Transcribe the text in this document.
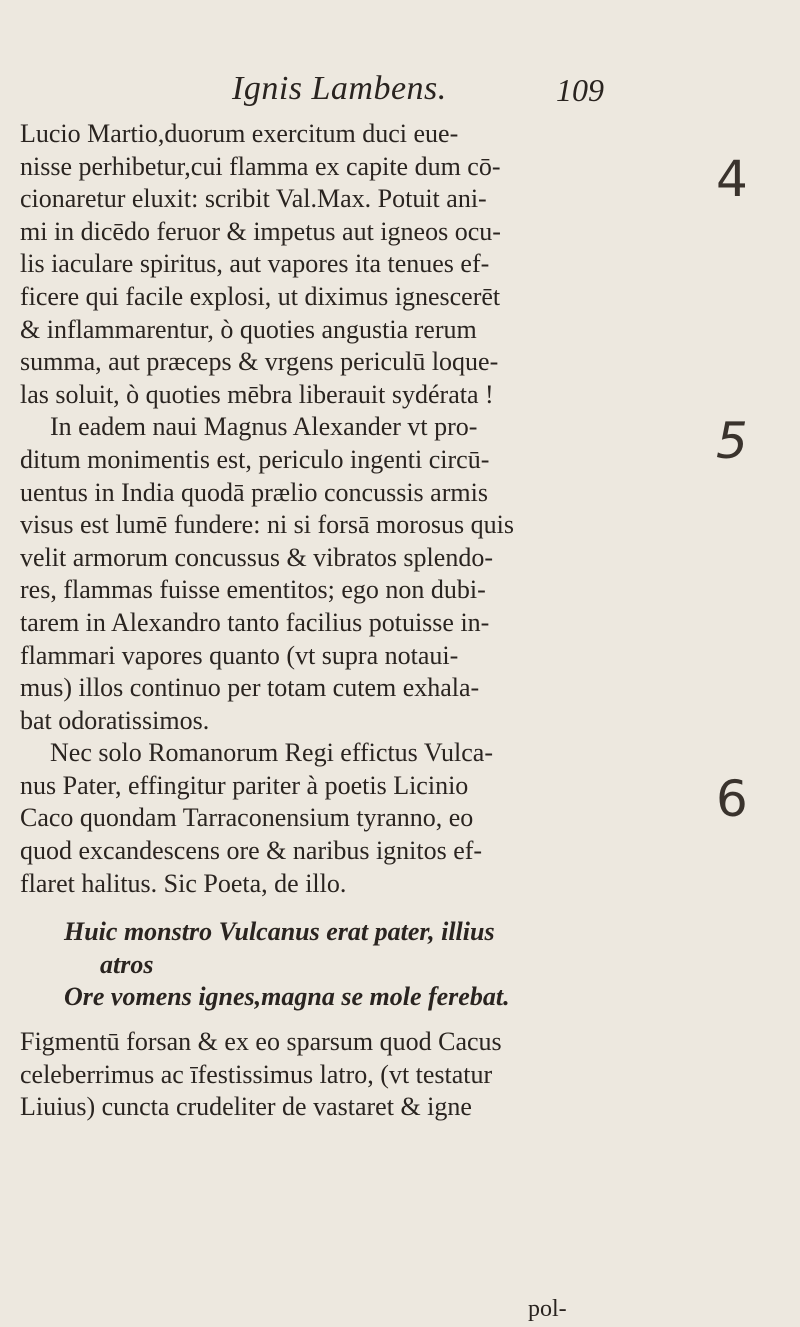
Ignis Lambens.	109
Lucio Martio,duorum exercitum duci eue-
nisse perhibetur,cui flamma ex capite dum cō-
cionaretur eluxit: scribit Val.Max. Potuit ani-
mi in dicēdo feruor & impetus aut igneos ocu-
lis iaculare spiritus, aut vapores ita tenues ef-
ficere qui facile explosi, ut diximus ignescerēt
& inflammarentur, ò quoties angustia rerum
summa, aut præceps & vrgens periculū loque-
las soluit, ò quoties mēbra liberauit sydérata !
In eadem naui Magnus Alexander vt pro-
ditum monimentis est, periculo ingenti circū-
uentus in India quodā prælio concussis armis
visus est lumē fundere: ni si forsā morosus quis
velit armorum concussus & vibratos splendo-
res, flammas fuisse ementitos; ego non dubi-
tarem in Alexandro tanto facilius potuisse in-
flammari vapores quanto (vt supra notaui-
mus) illos continuo per totam cutem exhala-
bat odoratissimos.
Nec solo Romanorum Regi effictus Vulca-
nus Pater, effingitur pariter à poetis Licinio
Caco quondam Tarraconensium tyranno, eo
quod excandescens ore & naribus ignitos ef-
flaret halitus. Sic Poeta, de illo.
Huic monstro Vulcanus erat pater, illius
atros
Ore vomens ignes,magna se mole ferebat.
Figmentū forsan & ex eo sparsum quod Cacus
celeberrimus ac īfestissimus latro, (vt testatur
Liuius) cuncta crudeliter de vastaret & igne
pol-
4
5
6
